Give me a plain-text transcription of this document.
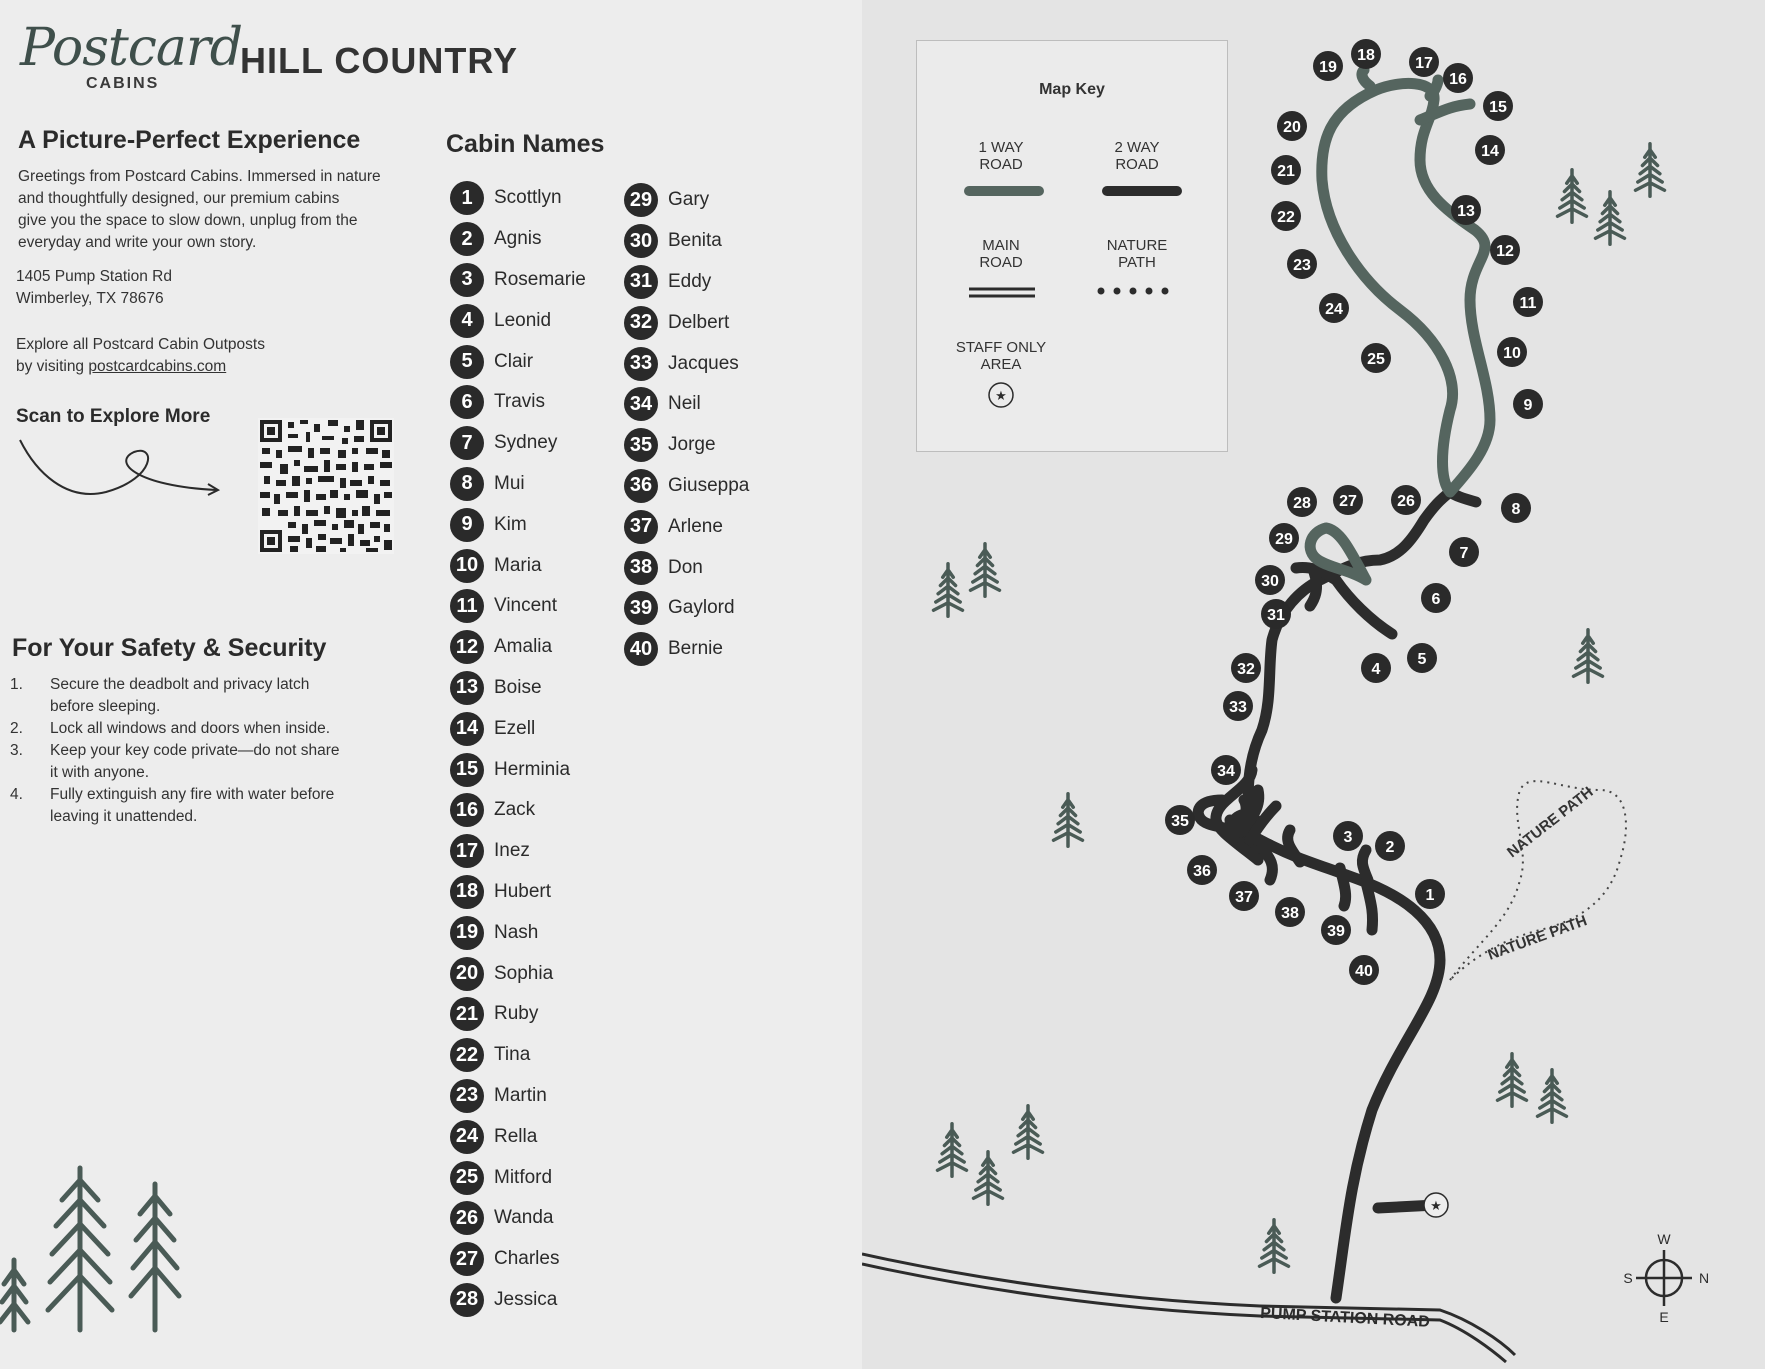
Postcard
CABINS
HILL COUNTRY
A Picture-Perfect Experience
Greetings from Postcard Cabins. Immersed in nature
and thoughtfully designed, our premium cabins
give you the space to slow down, unplug from the
everyday and write your own story.
1405 Pump Station Rd
Wimberley, TX 78676
Explore all Postcard Cabin Outposts
by visiting postcardcabins.com
Scan to Explore More
For Your Safety & Security
1. Secure the deadbolt and privacy latch
before sleeping.
2. Lock all windows and doors when inside.
3. Keep your key code private—do not share
it with anyone.
4. Fully extinguish any fire with water before
leaving it unattended.
Cabin Names
1	Scottlyn
2	Agnis
3	Rosemarie
4	Leonid
5	Clair
6	Travis
7	Sydney
8	Mui
9	Kim
10 Maria
11 Vincent
12 Amalia
13 Boise
14 Ezell
15 Herminia
16 Zack
17 Inez
18 Hubert
19 Nash
20 Sophia
21 Ruby
22 Tina
23 Martin
24 Rella
25 Mitford
26 Wanda
27 Charles
28 Jessica
29 Gary
30 Benita
31 Eddy
32 Delbert
33 Jacques
34 Neil
35 Jorge
36 Giuseppa
37 Arlene
38 Don
39 Gaylord
40 Bernie
Map Key
1 WAY
ROAD
2 WAY
ROAD
MAIN
ROAD
NATURE
PATH
STAFF ONLY
AREA
★
NATURE PATH
NATURE PATH
PUMP STATION ROAD
★
W
E
S	N
1
2
3
4
5
6
7
8
9
10
11
12
13
14
15
16
17
18
19
20
21
22
23
24
25
26
27
28
29
30
31
32
33
34
35
36
37
38
39
40
